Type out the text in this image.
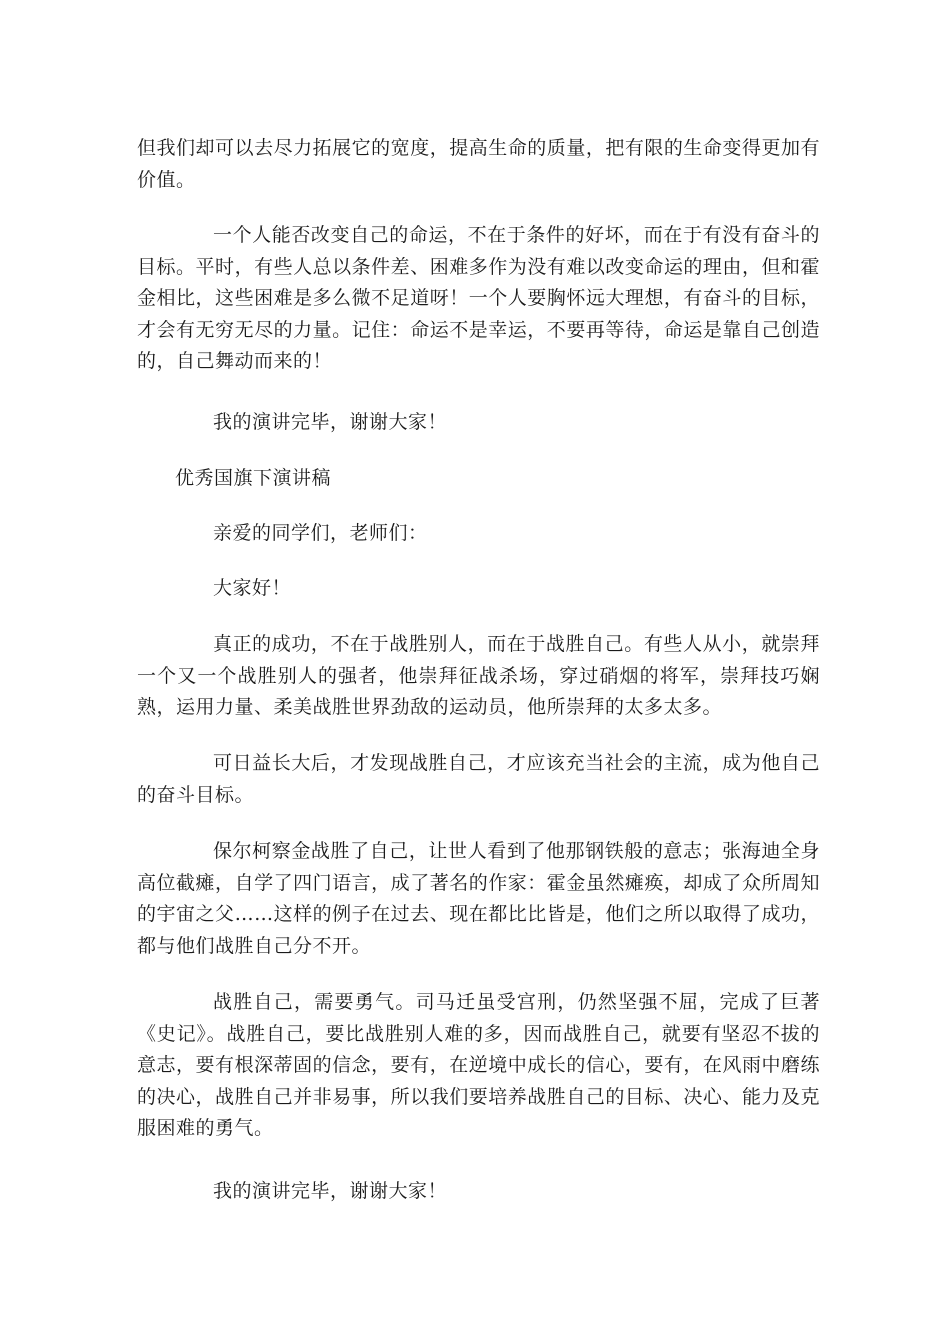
但我们却可以去尽力拓展它的宽度，提高生命的质量，把有限的生命变得更加有价值。

一个人能否改变自己的命运，不在于条件的好坏，而在于有没有奋斗的目标。平时，有些人总以条件差、困难多作为没有难以改变命运的理由，但和霍金相比，这些困难是多么微不足道呀！一个人要胸怀远大理想，有奋斗的目标，才会有无穷无尽的力量。记住：命运不是幸运，不要再等待，命运是靠自己创造的，自己舞动而来的！

我的演讲完毕，谢谢大家！

优秀国旗下演讲稿

亲爱的同学们，老师们：

大家好！

真正的成功，不在于战胜别人，而在于战胜自己。有些人从小，就崇拜一个又一个战胜别人的强者，他崇拜征战杀场，穿过硝烟的将军，崇拜技巧娴熟，运用力量、柔美战胜世界劲敌的运动员，他所崇拜的太多太多。

可日益长大后，才发现战胜自己，才应该充当社会的主流，成为他自己的奋斗目标。

保尔柯察金战胜了自己，让世人看到了他那钢铁般的意志；张海迪全身高位截瘫，自学了四门语言，成了著名的作家：霍金虽然瘫痪，却成了众所周知的宇宙之父……这样的例子在过去、现在都比比皆是，他们之所以取得了成功，都与他们战胜自己分不开。

战胜自己，需要勇气。司马迁虽受宫刑，仍然坚强不屈，完成了巨著《史记》。战胜自己，要比战胜别人难的多，因而战胜自己，就要有坚忍不拔的意志，要有根深蒂固的信念，要有，在逆境中成长的信心，要有，在风雨中磨练的决心，战胜自己并非易事，所以我们要培养战胜自己的目标、决心、能力及克服困难的勇气。

我的演讲完毕，谢谢大家！
